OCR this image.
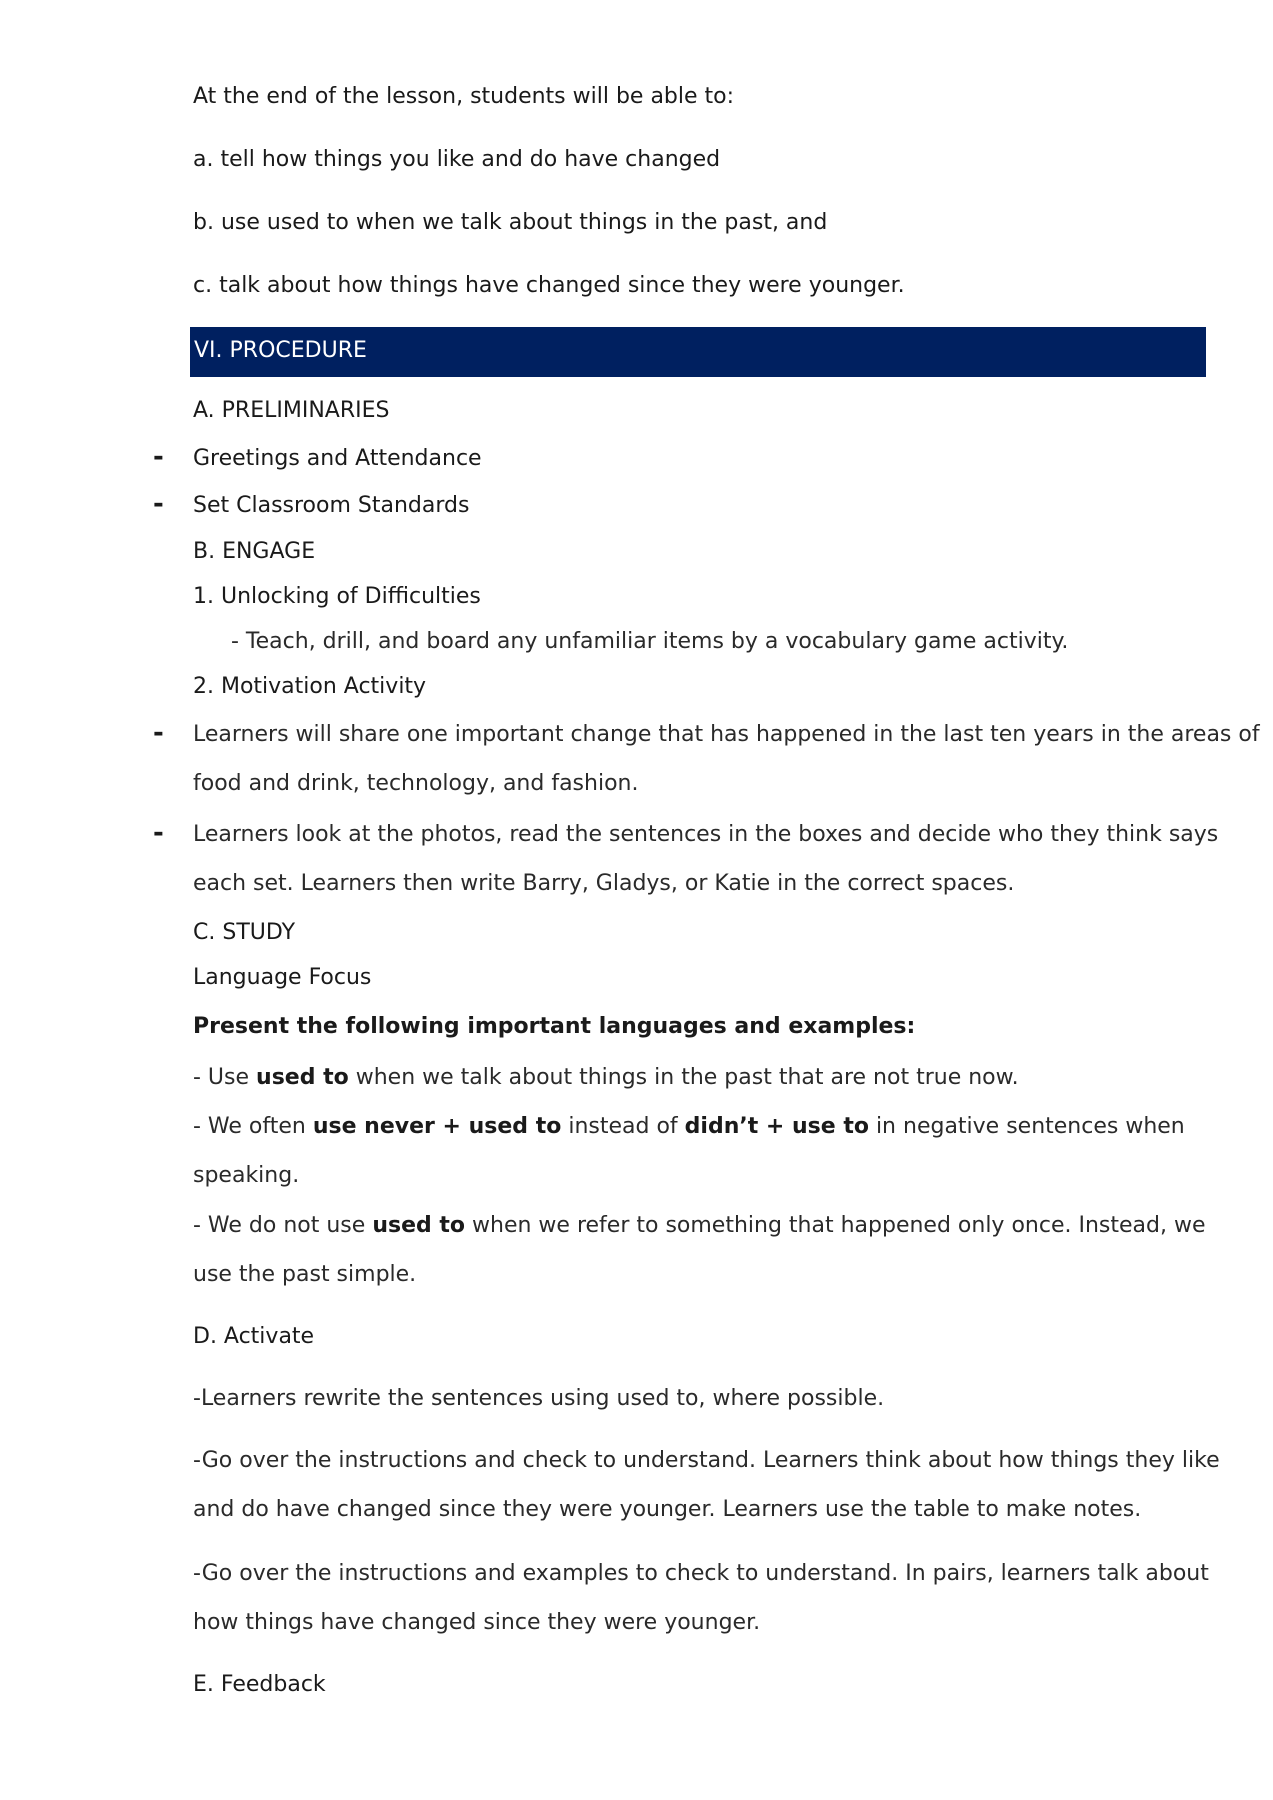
At the end of the lesson, students will be able to:

a. tell how things you like and do have changed

b. use used to when we talk about things in the past, and

c. talk about how things have changed since they were younger.

VI. PROCEDURE

A. PRELIMINARIES

- Greetings and Attendance

- Set Classroom Standards

B. ENGAGE

1. Unlocking of Difficulties

- Teach, drill, and board any unfamiliar items by a vocabulary game activity.

2. Motivation Activity

- Learners will share one important change that has happened in the last ten years in the areas of

food and drink, technology, and fashion.

- Learners look at the photos, read the sentences in the boxes and decide who they think says

each set. Learners then write Barry, Gladys, or Katie in the correct spaces.

C. STUDY

Language Focus

Present the following important languages and examples:

- Use used to when we talk about things in the past that are not true now.

- We often use never + used to instead of didn’t + use to in negative sentences when

speaking.

- We do not use used to when we refer to something that happened only once. Instead, we

use the past simple.

D. Activate

-Learners rewrite the sentences using used to, where possible.

-Go over the instructions and check to understand. Learners think about how things they like

and do have changed since they were younger. Learners use the table to make notes.

-Go over the instructions and examples to check to understand. In pairs, learners talk about

how things have changed since they were younger.

E. Feedback
